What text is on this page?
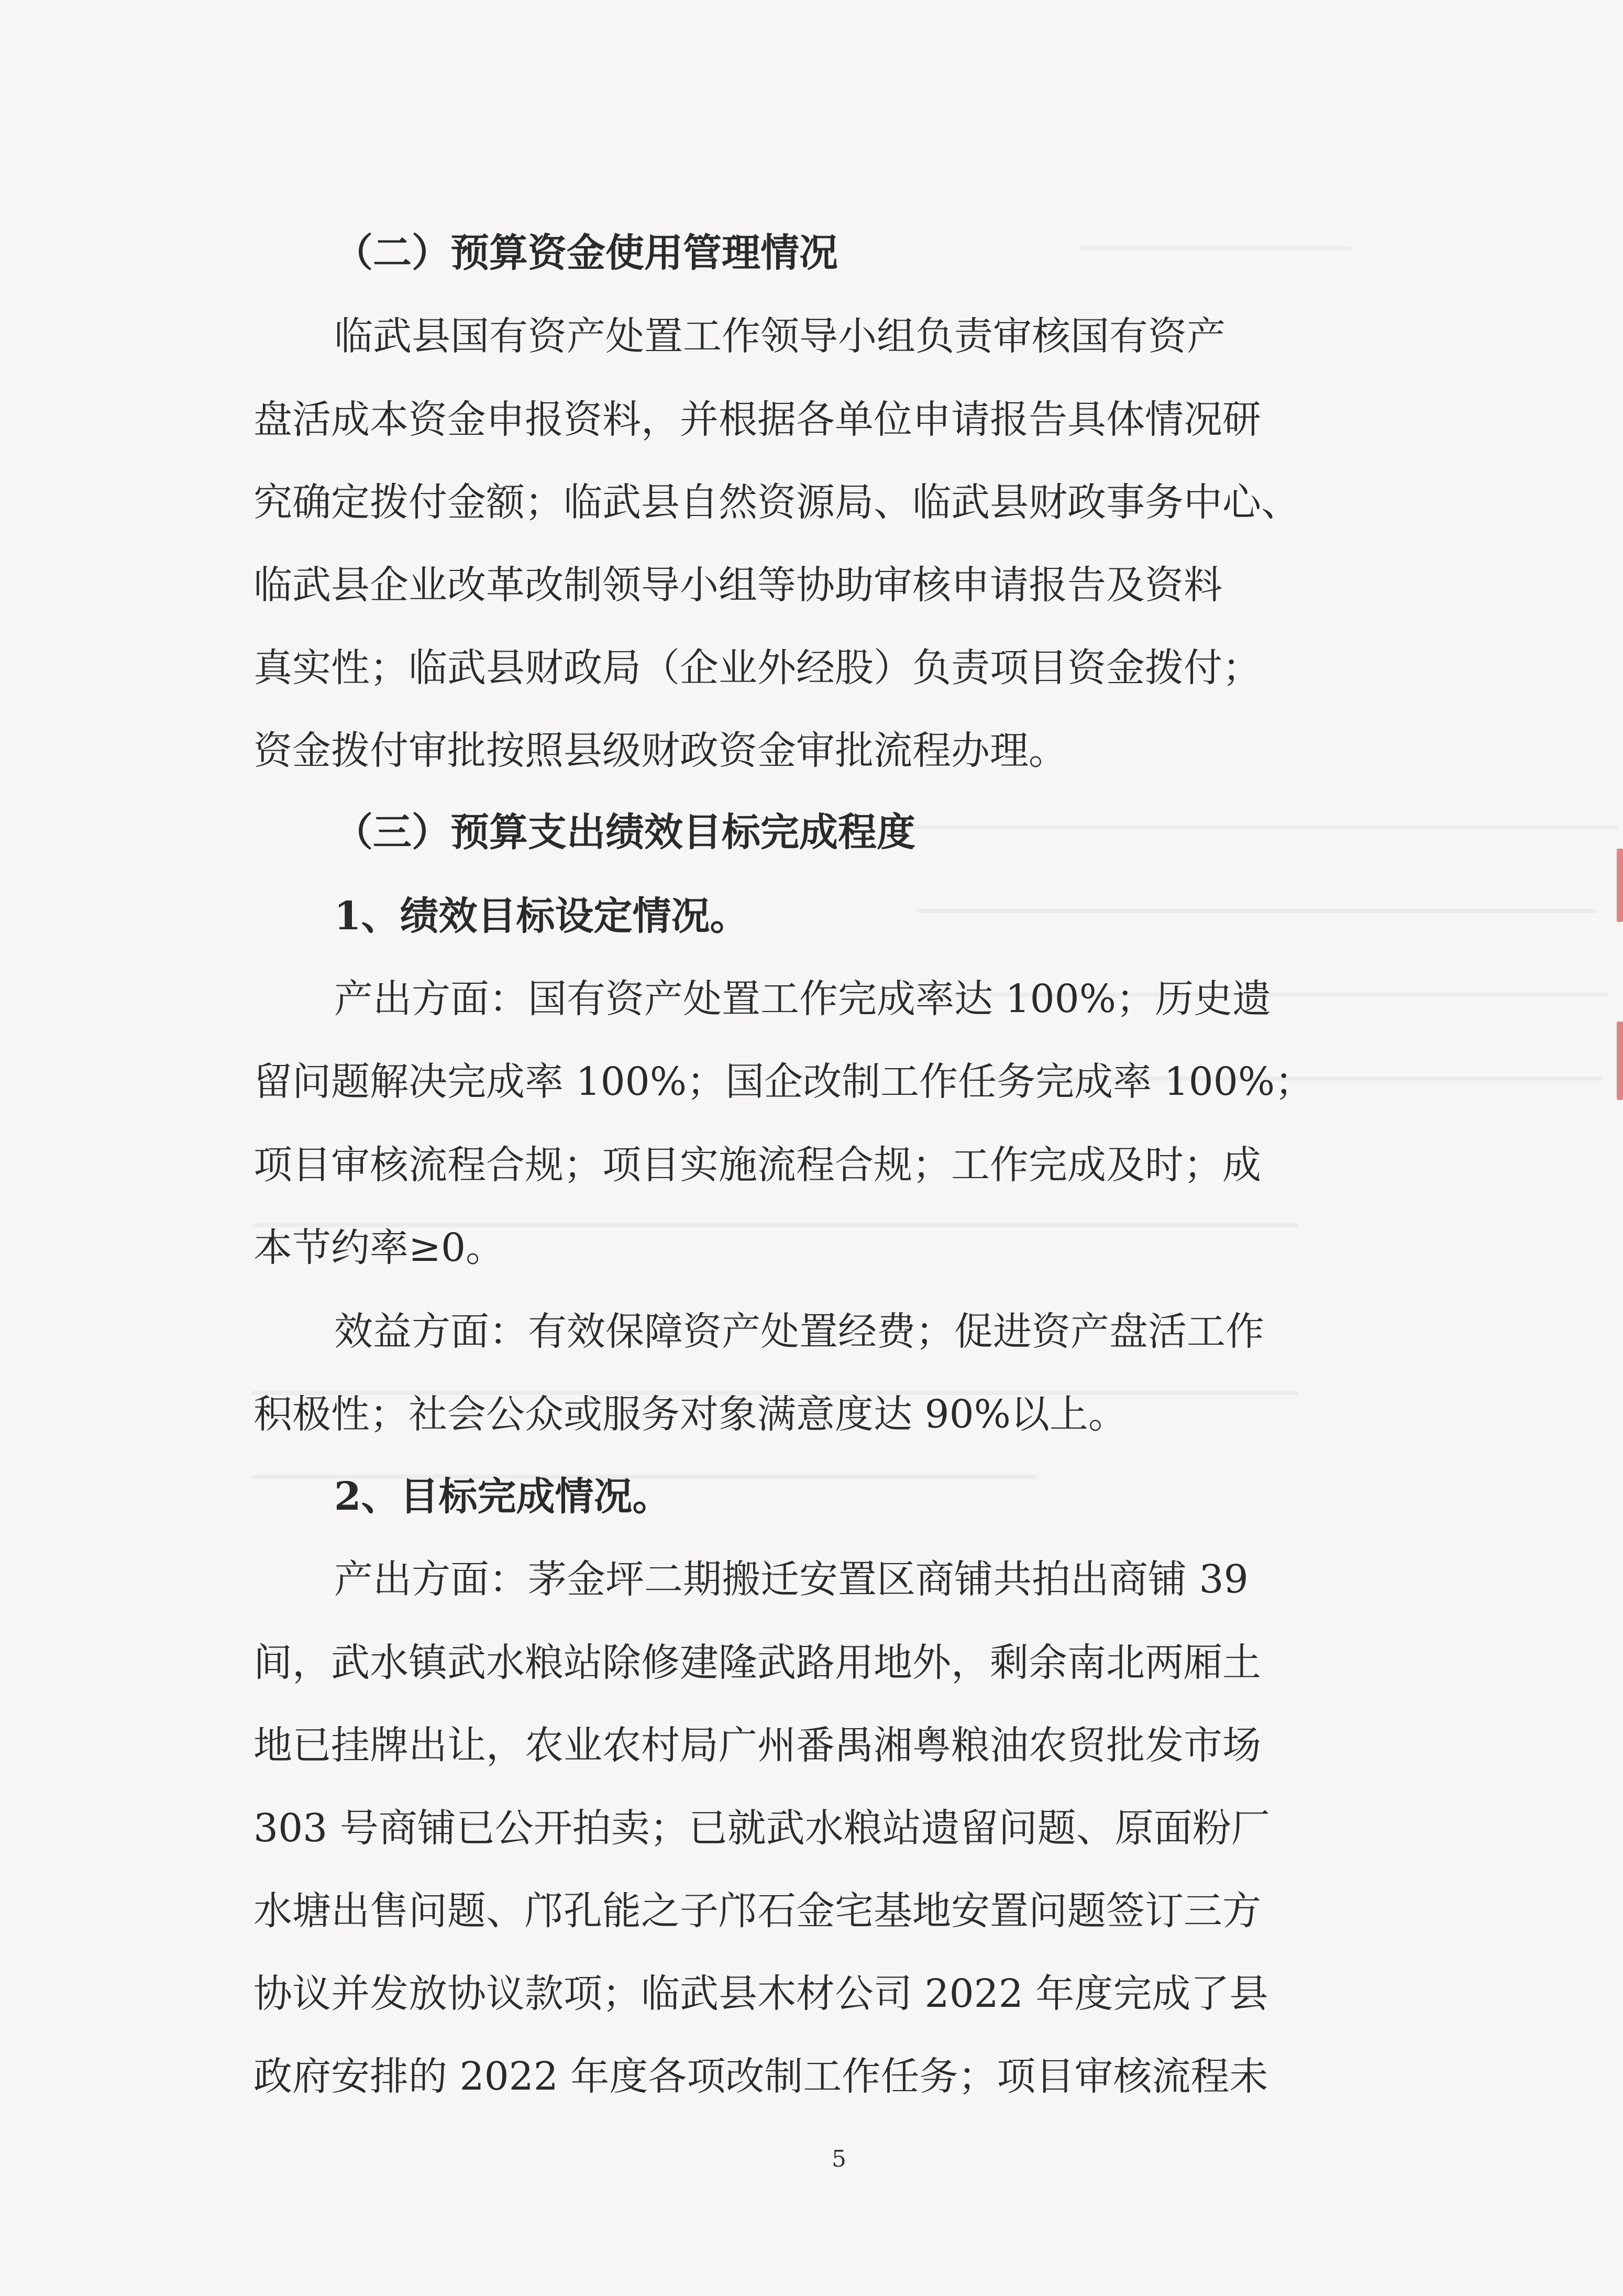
（二）预算资金使用管理情况
临武县国有资产处置工作领导小组负责审核国有资产
盘活成本资金申报资料，并根据各单位申请报告具体情况研
究确定拨付金额；临武县自然资源局、临武县财政事务中心、
临武县企业改革改制领导小组等协助审核申请报告及资料
真实性；临武县财政局（企业外经股）负责项目资金拨付；
资金拨付审批按照县级财政资金审批流程办理。
（三）预算支出绩效目标完成程度
1、绩效目标设定情况。
产出方面：国有资产处置工作完成率达 100%；历史遗
留问题解决完成率 100%；国企改制工作任务完成率 100%；
项目审核流程合规；项目实施流程合规；工作完成及时；成
本节约率≥0。
效益方面：有效保障资产处置经费；促进资产盘活工作
积极性；社会公众或服务对象满意度达 90%以上。
2、目标完成情况。
产出方面：茅金坪二期搬迁安置区商铺共拍出商铺 39
间，武水镇武水粮站除修建隆武路用地外，剩余南北两厢土
地已挂牌出让，农业农村局广州番禺湘粤粮油农贸批发市场
303 号商铺已公开拍卖；已就武水粮站遗留问题、原面粉厂
水塘出售问题、邝孔能之子邝石金宅基地安置问题签订三方
协议并发放协议款项；临武县木材公司 2022 年度完成了县
政府安排的 2022 年度各项改制工作任务；项目审核流程未
5
